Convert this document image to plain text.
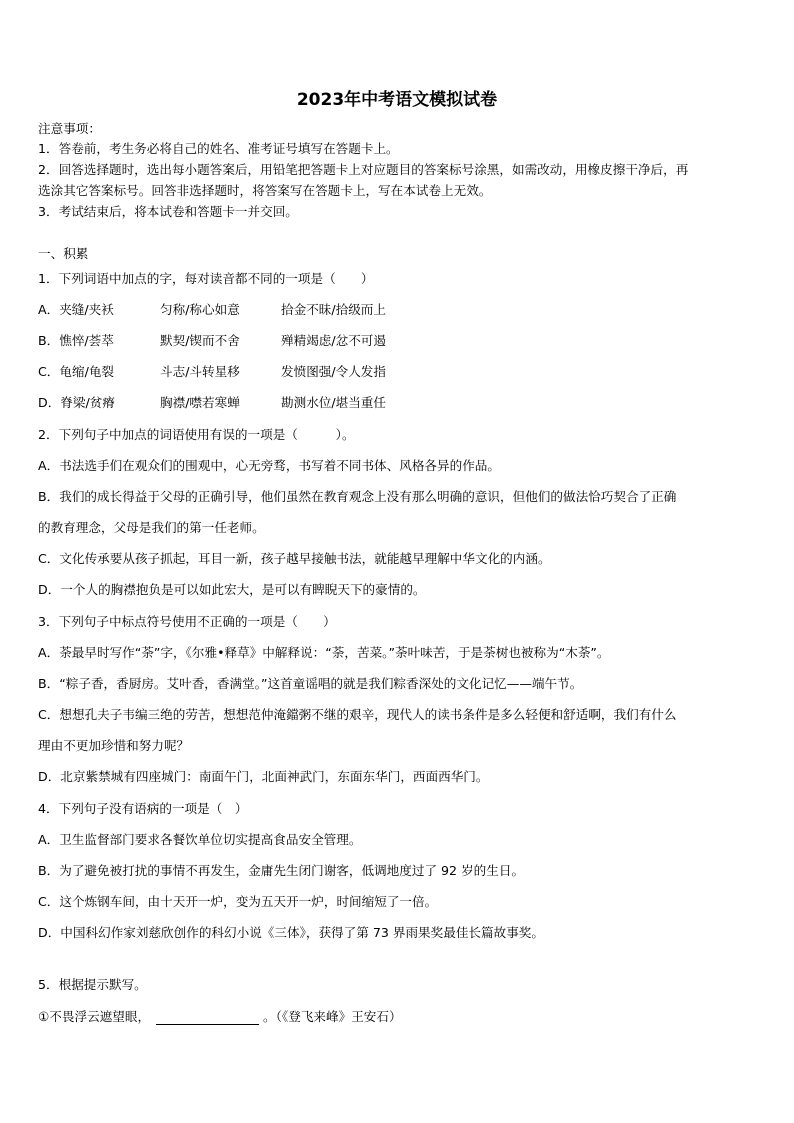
2023年中考语文模拟试卷
注意事项：
1．答卷前，考生务必将自己的姓名、准考证号填写在答题卡上。
2．回答选择题时，选出每小题答案后，用铅笔把答题卡上对应题目的答案标号涂黑，如需改动，用橡皮擦干净后，再
选涂其它答案标号。回答非选择题时，将答案写在答题卡上，写在本试卷上无效。
3．考试结束后，将本试卷和答题卡一并交回。
一、积累
1．下列词语中加点的字，每对读音都不同的一项是（　　）
A．夹缝/夹袄	匀称/称心如意	拾金不昧/拾级而上
B．憔悴/荟萃	默契/锲而不舍	殚精竭虑/忿不可遏
C．龟缩/龟裂	斗志/斗转星移	发愤图强/令人发指
D．脊梁/贫瘠	胸襟/噤若寒蝉	勘测水位/堪当重任
2．下列句子中加点的词语使用有误的一项是（　　　）。
A．书法选手们在观众们的围观中，心无旁骛，书写着不同书体、风格各异的作品。
B．我们的成长得益于父母的正确引导，他们虽然在教育观念上没有那么明确的意识，但他们的做法恰巧契合了正确
的教育理念，父母是我们的第一任老师。
C．文化传承要从孩子抓起，耳目一新，孩子越早接触书法，就能越早理解中华文化的内涵。
D．一个人的胸襟抱负是可以如此宏大，是可以有睥睨天下的豪情的。
3．下列句子中标点符号使用不正确的一项是（　　）
A．荼最早时写作“荼”字，《尔雅•释草》中解释说：“荼，苦菜。”荼叶味苦，于是荼树也被称为“木荼”。
B．“粽子香，香厨房。艾叶香，香满堂。”这首童谣唱的就是我们粽香深处的文化记忆——端午节。
C．想想孔夫子韦编三绝的劳苦，想想范仲淹鐺粥不继的艰辛，现代人的读书条件是多么轻便和舒适啊，我们有什么
理由不更加珍惜和努力呢？
D．北京紫禁城有四座城门：南面午门，北面神武门，东面东华门，西面西华门。
4．下列句子没有语病的一项是（　）
A．卫生监督部门要求各餐饮单位切实提高食品安全管理。
B．为了避免被打扰的事情不再发生，金庸先生闭门谢客，低调地度过了 92 岁的生日。
C．这个炼钢车间，由十天开一炉，变为五天开一炉，时间缩短了一倍。
D．中国科幻作家刘慈欣创作的科幻小说《三体》，获得了第 73 界雨果奖最佳长篇故事奖。
5．根据提示默写。
①不畏浮云遮望眼，	。（《登飞来峰》王安石）
